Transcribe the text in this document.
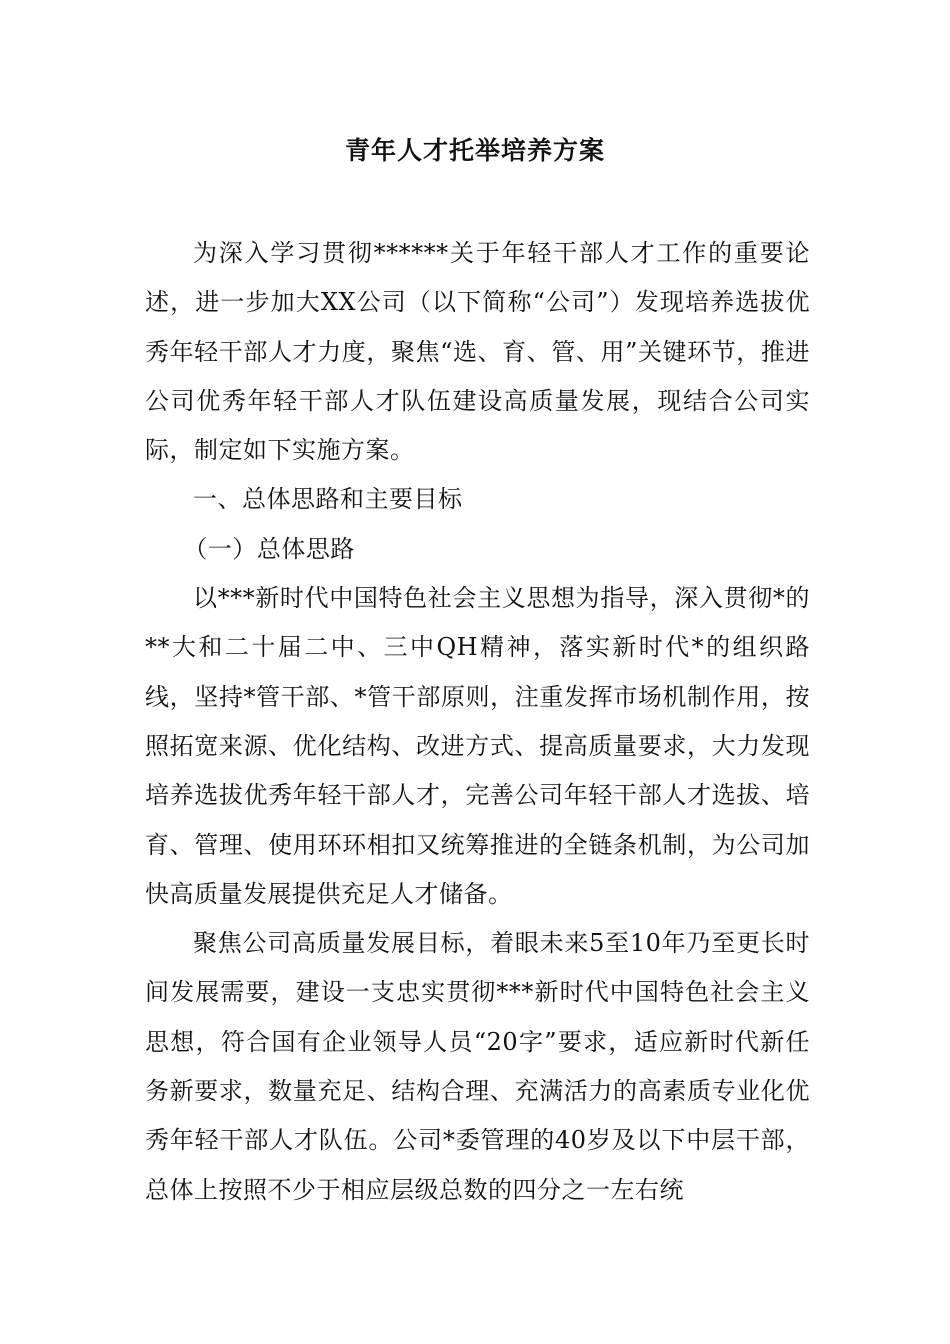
青年人才托举培养方案

为深入学习贯彻******关于年轻干部人才工作的重要论述，进一步加大XX公司（以下简称“公司”）发现培养选拔优秀年轻干部人才力度，聚焦“选、育、管、用”关键环节，推进公司优秀年轻干部人才队伍建设高质量发展，现结合公司实际，制定如下实施方案。

一、总体思路和主要目标

（一）总体思路

以***新时代中国特色社会主义思想为指导，深入贯彻*的**大和二十届二中、三中QH精神，落实新时代*的组织路线，坚持*管干部、*管干部原则，注重发挥市场机制作用，按照拓宽来源、优化结构、改进方式、提高质量要求，大力发现培养选拔优秀年轻干部人才，完善公司年轻干部人才选拔、培育、管理、使用环环相扣又统筹推进的全链条机制，为公司加快高质量发展提供充足人才储备。

聚焦公司高质量发展目标，着眼未来5至10年乃至更长时间发展需要，建设一支忠实贯彻***新时代中国特色社会主义思想，符合国有企业领导人员“20字”要求，适应新时代新任务新要求，数量充足、结构合理、充满活力的高素质专业化优秀年轻干部人才队伍。公司*委管理的40岁及以下中层干部，总体上按照不少于相应层级总数的四分之一左右统
